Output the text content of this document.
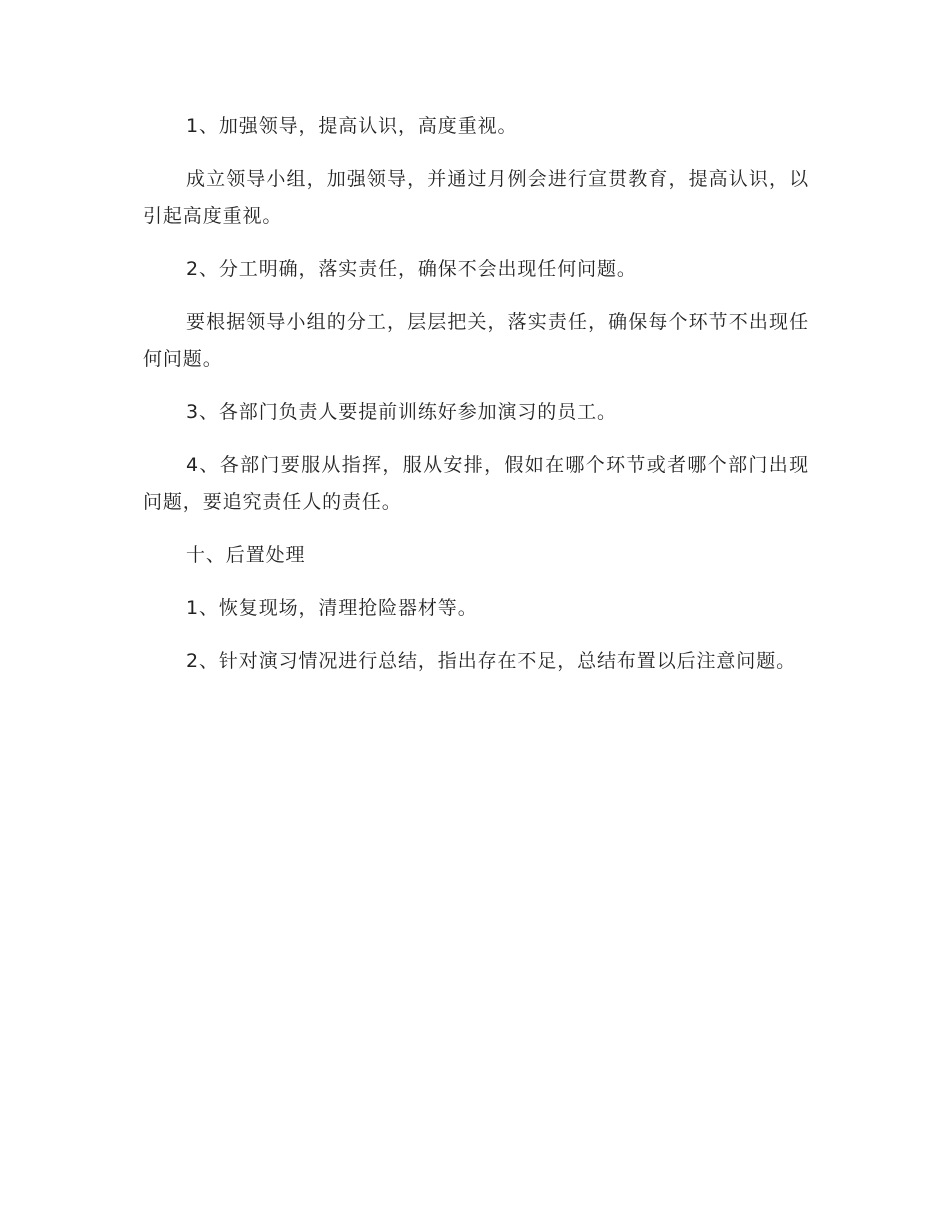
1、加强领导，提高认识，高度重视。

成立领导小组，加强领导，并通过月例会进行宣贯教育，提高认识，以引起高度重视。

2、分工明确，落实责任，确保不会出现任何问题。

要根据领导小组的分工，层层把关，落实责任，确保每个环节不出现任何问题。

3、各部门负责人要提前训练好参加演习的员工。

4、各部门要服从指挥，服从安排，假如在哪个环节或者哪个部门出现问题，要追究责任人的责任。

十、后置处理

1、恢复现场，清理抢险器材等。

2、针对演习情况进行总结，指出存在不足，总结布置以后注意问题。
